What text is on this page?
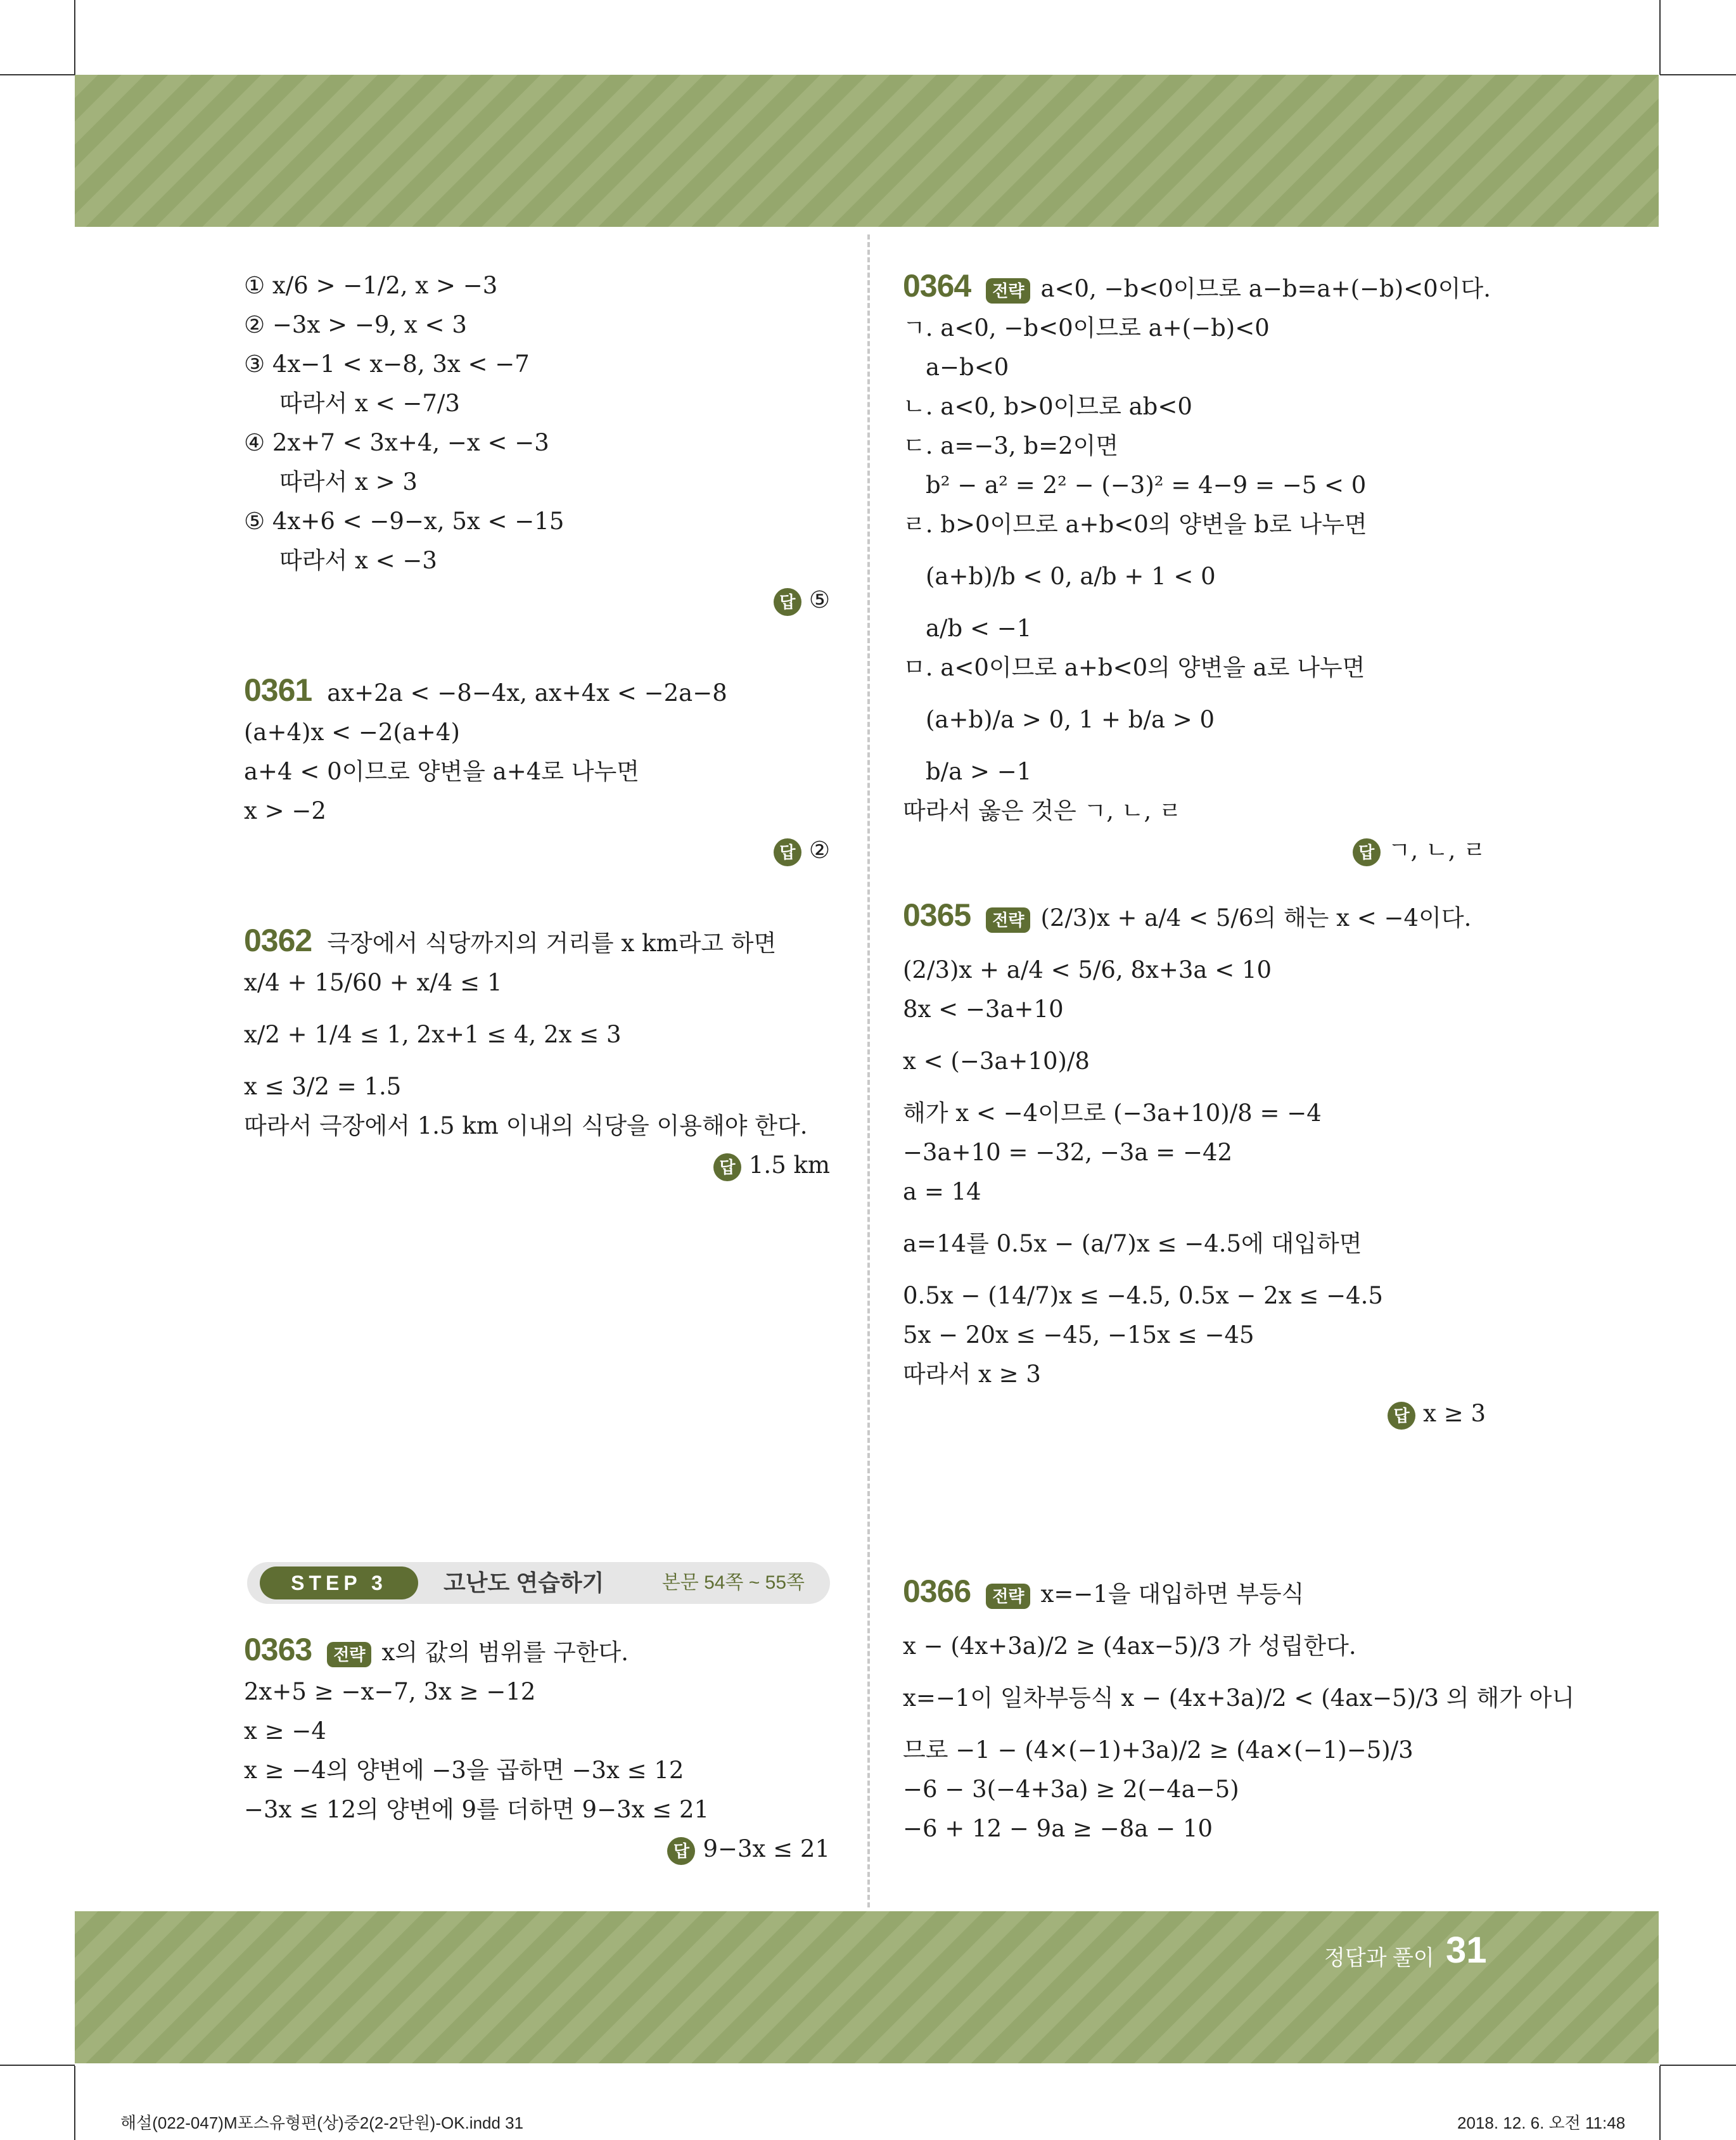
① x/6 > −1/2, x > −3
② −3x > −9, x < 3
③ 4x−1 < x−8, 3x < −7
따라서 x < −7/3
④ 2x+7 < 3x+4, −x < −3
따라서 x > 3
⑤ 4x+6 < −9−x, 5x < −15
따라서 x < −3
답 ⑤
0361 ax+2a < −8−4x, ax+4x < −2a−8
(a+4)x < −2(a+4)
a+4 < 0이므로 양변을 a+4로 나누면
x > −2
답 ②
0362 극장에서 식당까지의 거리를 x km라고 하면
x/4 + 15/60 + x/4 ≤ 1
x/2 + 1/4 ≤ 1, 2x+1 ≤ 4, 2x ≤ 3
x ≤ 3/2 = 1.5
따라서 극장에서 1.5 km 이내의 식당을 이용해야 한다.
답 1.5 km
STEP 3	고난도 연습하기	본문 54쪽 ~ 55쪽
0363 전략 x의 값의 범위를 구한다.
2x+5 ≥ −x−7, 3x ≥ −12
x ≥ −4
x ≥ −4의 양변에 −3을 곱하면 −3x ≤ 12
−3x ≤ 12의 양변에 9를 더하면 9−3x ≤ 21
답 9−3x ≤ 21
0364 전략 a<0, −b<0이므로 a−b=a+(−b)<0이다.
ㄱ. a<0, −b<0이므로 a+(−b)<0
a−b<0
ㄴ. a<0, b>0이므로 ab<0
ㄷ. a=−3, b=2이면
b² − a² = 2² − (−3)² = 4−9 = −5 < 0
ㄹ. b>0이므로 a+b<0의 양변을 b로 나누면
(a+b)/b < 0, a/b + 1 < 0
a/b < −1
ㅁ. a<0이므로 a+b<0의 양변을 a로 나누면
(a+b)/a > 0, 1 + b/a > 0
b/a > −1
따라서 옳은 것은 ㄱ, ㄴ, ㄹ
답 ㄱ, ㄴ, ㄹ
0365 전략 (2/3)x + a/4 < 5/6의 해는 x < −4이다.
(2/3)x + a/4 < 5/6, 8x+3a < 10
8x < −3a+10
x < (−3a+10)/8
해가 x < −4이므로 (−3a+10)/8 = −4
−3a+10 = −32, −3a = −42
a = 14
a=14를 0.5x − (a/7)x ≤ −4.5에 대입하면
0.5x − (14/7)x ≤ −4.5, 0.5x − 2x ≤ −4.5
5x − 20x ≤ −45, −15x ≤ −45
따라서 x ≥ 3
답 x ≥ 3
0366 전략 x=−1을 대입하면 부등식
x − (4x+3a)/2 ≥ (4ax−5)/3 가 성립한다.
x=−1이 일차부등식 x − (4x+3a)/2 < (4ax−5)/3 의 해가 아니
므로 −1 − (4×(−1)+3a)/2 ≥ (4a×(−1)−5)/3
−6 − 3(−4+3a) ≥ 2(−4a−5)
−6 + 12 − 9a ≥ −8a − 10
정답과 풀이 31
해설(022-047)M포스유형편(상)중2(2-2단원)-OK.indd 31	2018. 12. 6. 오전 11:48
